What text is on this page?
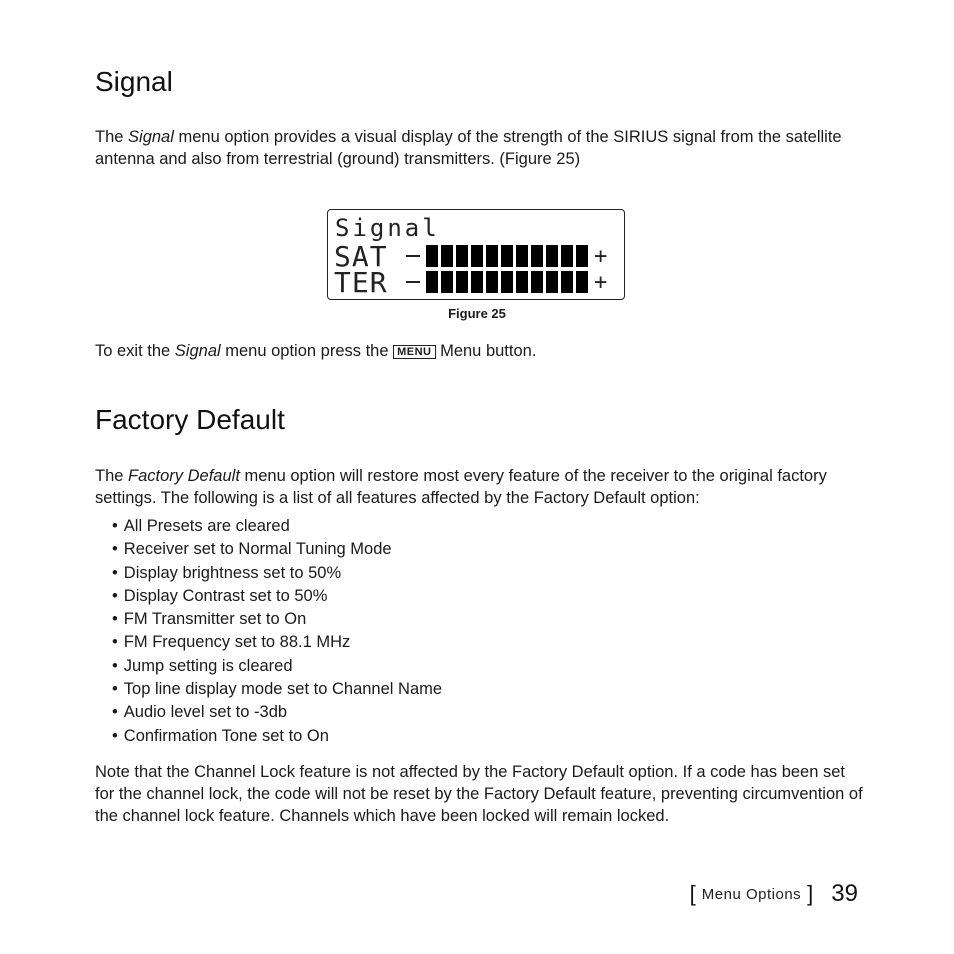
Signal

The Signal menu option provides a visual display of the strength of the SIRIUS signal from the satellite antenna and also from terrestrial (ground) transmitters. (Figure 25)

Signal
SAT	+
TER	+
Figure 25

To exit the Signal menu option press the MENU Menu button.

Factory Default

The Factory Default menu option will restore most every feature of the receiver to the original factory settings. The following is a list of all features affected by the Factory Default option:

• All Presets are cleared
• Receiver set to Normal Tuning Mode
• Display brightness set to 50%
• Display Contrast set to 50%
• FM Transmitter set to On
• FM Frequency set to 88.1 MHz
• Jump setting is cleared
• Top line display mode set to Channel Name
• Audio level set to -3db
• Confirmation Tone set to On

Note that the Channel Lock feature is not affected by the Factory Default option. If a code has been set for the channel lock, the code will not be reset by the Factory Default feature, preventing circumvention of the channel lock feature. Channels which have been locked will remain locked.

[ Menu Options ] 39
